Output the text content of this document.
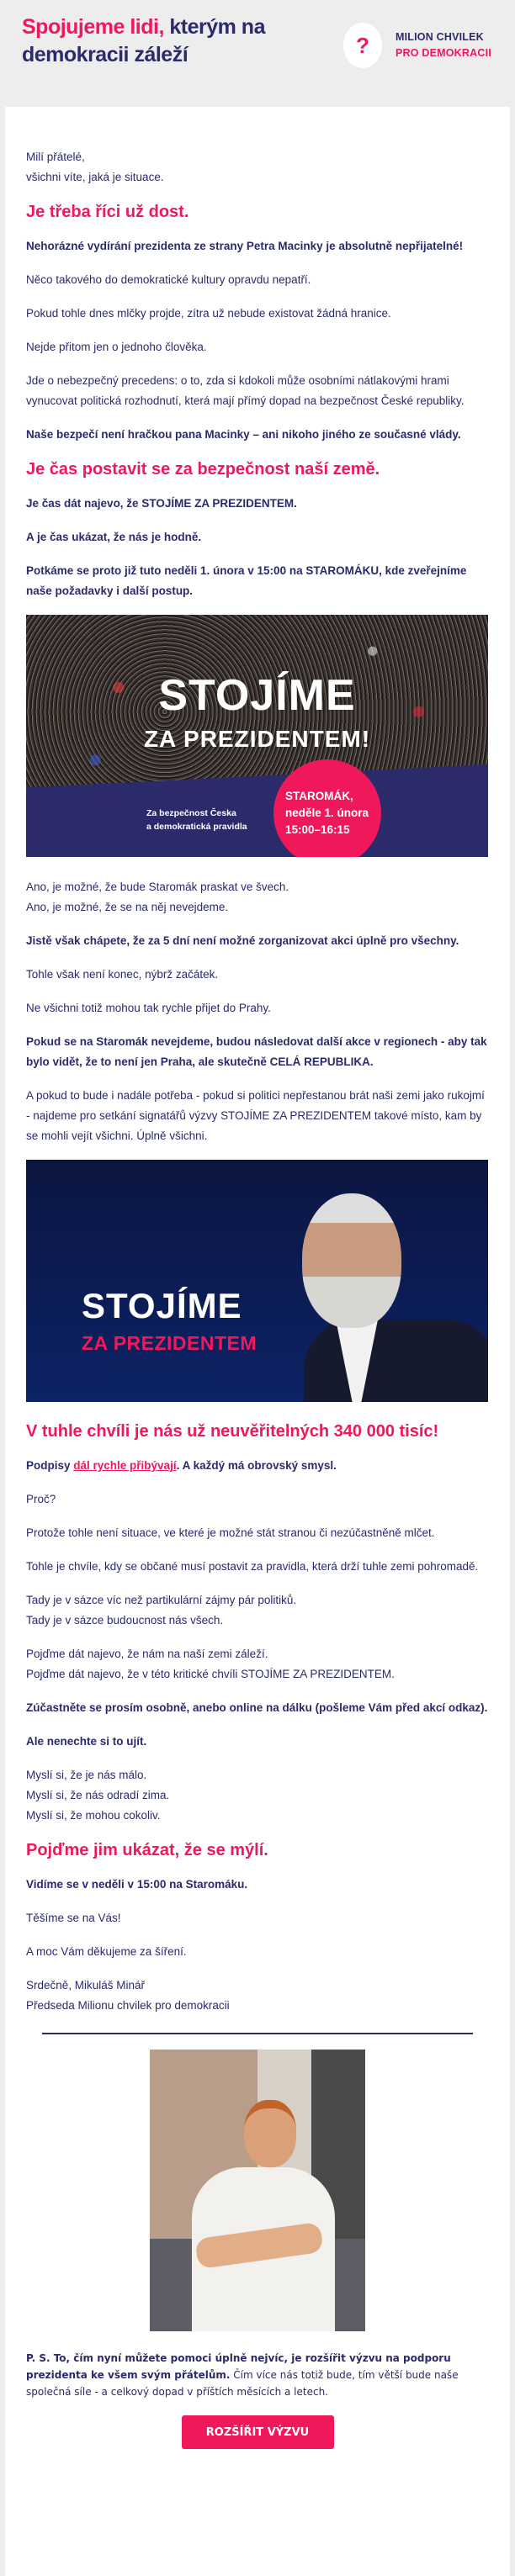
Spojujeme lidi, kterým na demokracii záleží	?	MILION CHVILEK
PRO DEMOKRACII

Milí přátelé,
všichni víte, jaká je situace.

Je třeba říci už dost.

Nehorázné vydírání prezidenta ze strany Petra Macinky je absolutně nepřijatelné!

Něco takového do demokratické kultury opravdu nepatří.

Pokud tohle dnes mlčky projde, zítra už nebude existovat žádná hranice.

Nejde přitom jen o jednoho člověka.

Jde o nebezpečný precedens: o to, zda si kdokoli může osobními nátlakovými hrami vynucovat politická rozhodnutí, která mají přímý dopad na bezpečnost České republiky.

Naše bezpečí není hračkou pana Macinky – ani nikoho jiného ze současné vlády.

Je čas postavit se za bezpečnost naší země.

Je čas dát najevo, že STOJÍME ZA PREZIDENTEM.

A je čas ukázat, že nás je hodně.

Potkáme se proto již tuto neděli 1. února v 15:00 na STAROMÁKU, kde zveřejníme naše požadavky i další postup.

STOJÍME
ZA PREZIDENTEM!
Za bezpečnost Česka
a demokratická pravidla
STAROMÁK,
neděle 1. února
15:00–16:15

Ano, je možné, že bude Staromák praskat ve švech.
Ano, je možné, že se na něj nevejdeme.

Jistě však chápete, že za 5 dní není možné zorganizovat akci úplně pro všechny.

Tohle však není konec, nýbrž začátek.

Ne všichni totiž mohou tak rychle přijet do Prahy.

Pokud se na Staromák nevejdeme, budou následovat další akce v regionech - aby tak bylo vidět, že to není jen Praha, ale skutečně CELÁ REPUBLIKA.

A pokud to bude i nadále potřeba - pokud si politici nepřestanou brát naši zemi jako rukojmí - najdeme pro setkání signatářů výzvy STOJÍME ZA PREZIDENTEM takové místo, kam by se mohli vejít všichni. Úplně všichni.

STOJÍME
ZA PREZIDENTEM
V tuhle chvíli je nás už neuvěřitelných 340 000 tisíc!

Podpisy dál rychle přibývají. A každý má obrovský smysl.

Proč?

Protože tohle není situace, ve které je možné stát stranou či nezúčastněně mlčet.

Tohle je chvíle, kdy se občané musí postavit za pravidla, která drží tuhle zemi pohromadě.

Tady je v sázce víc než partikulární zájmy pár politiků.
Tady je v sázce budoucnost nás všech.

Pojďme dát najevo, že nám na naší zemi záleží.
Pojďme dát najevo, že v této kritické chvíli STOJÍME ZA PREZIDENTEM.

Zúčastněte se prosím osobně, anebo online na dálku (pošleme Vám před akcí odkaz).

Ale nenechte si to ujít.

Myslí si, že je nás málo.
Myslí si, že nás odradí zima.
Myslí si, že mohou cokoliv.

Pojďme jim ukázat, že se mýlí.

Vidíme se v neděli v 15:00 na Staromáku.

Těšíme se na Vás!

A moc Vám děkujeme za šíření.

Srdečně, Mikuláš Minář
Předseda Milionu chvilek pro demokracii

P. S. To, čím nyní můžete pomoci úplně nejvíc, je rozšířit výzvu na podporu prezidenta ke všem svým přátelům. Čím více nás totiž bude, tím větší bude naše společná síle - a celkový dopad v příštích měsících a letech.

ROZŠÍŘIT VÝZVU
